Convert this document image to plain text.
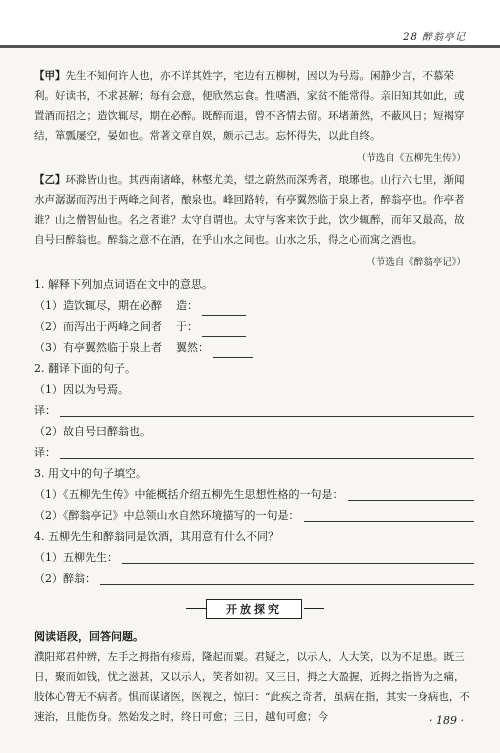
28 醉翁亭记

【甲】先生不知何许人也，亦不详其姓字，宅边有五柳树，因以为号焉。闲静少言，不慕荣利。好读书，不求甚解；每有会意，便欣然忘食。性嗜酒，家贫不能常得。亲旧知其如此，或置酒而招之；造饮辄尽，期在必醉。既醉而退，曾不吝情去留。环堵萧然，不蔽风日；短褐穿结，箪瓢屡空，晏如也。常著文章自娱，颇示己志。忘怀得失，以此自终。

（节选自《五柳先生传》）

【乙】环滁皆山也。其西南诸峰，林壑尤美，望之蔚然而深秀者，琅琊也。山行六七里，渐闻水声潺潺而泻出于两峰之间者，酿泉也。峰回路转，有亭翼然临于泉上者，醉翁亭也。作亭者谁？山之僧智仙也。名之者谁？太守自谓也。太守与客来饮于此，饮少辄醉，而年又最高，故自号曰醉翁也。醉翁之意不在酒，在乎山水之间也。山水之乐，得之心而寓之酒也。

（节选自《醉翁亭记》）

1. 解释下列加点词语在文中的意思。

（1）造饮辄尽，期在必醉 造：

（2）而泻出于两峰之间者 于：

（3）有亭翼然临于泉上者 翼然：

2. 翻译下面的句子。

（1）因以为号焉。

译：

（2）故自号曰醉翁也。

译：

3. 用文中的句子填空。

（1）《五柳先生传》中能概括介绍五柳先生思想性格的一句是：
（2）《醉翁亭记》中总领山水自然环境描写的一句是：

4. 五柳先生和醉翁同是饮酒，其用意有什么不同？

（1）五柳先生：
（2）醉翁：
开放探究

阅读语段，回答问题。

濮阳郑君仲辨，左手之拇指有疹焉，隆起而粟。君疑之，以示人，人大笑，以为不足患。既三日，聚而如钱，忧之滋甚，又以示人，笑者如初。又三日，拇之大盈握，近拇之指皆为之痛，肢体心膂无不病者。惧而谋诸医，医视之，惊曰：“此疾之奇者，虽病在指，其实一身病也，不速治，且能伤身。然始发之时，终日可愈；三日，越旬可愈；今	· 189 ·
